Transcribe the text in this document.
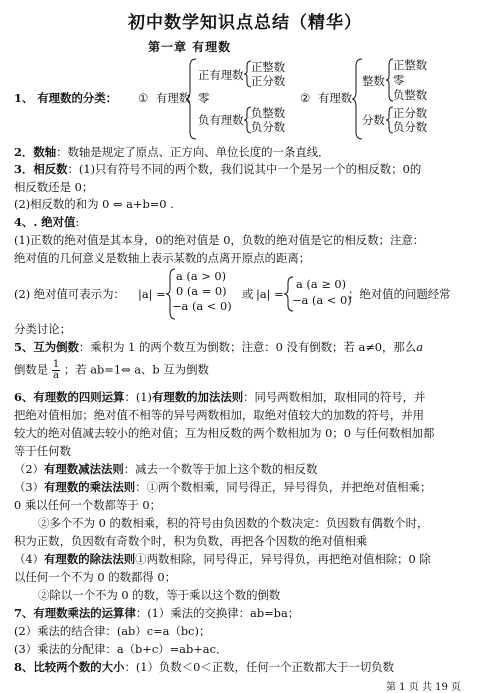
初中数学知识点总结（精华）
第一章 有理数
1、 有理数的分类： ① 有理数
正有理数
正整数
正分数
零
负有理数 负整数
负分数
② 有理数
整数
正整数
零
负整数
分数 正分数
负分数
2．数轴：数轴是规定了原点、正方向、单位长度的一条直线．
3．相反数：(1)只有符号不同的两个数，我们说其中一个是另一个的相反数；0的
相反数还是 0；
(2)相反数的和为 0 ⇔ a+b=0 .
4、. 绝对值:
(1)正数的绝对值是其本身，0的绝对值是 0，负数的绝对值是它的相反数；注意：
绝对值的几何意义是数轴上表示某数的点离开原点的距离；
(2) 绝对值可表示为： |a| =
a (a > 0)
0 (a = 0)
−a (a < 0)
或 |a| =
a (a ≥ 0)
−a (a < 0)
；绝对值的问题经常
分类讨论；
5、互为倒数：乘积为 1 的两个数互为倒数；注意：0 没有倒数；若 a≠0，那么a
倒数是 $\frac{1}{a}$ ；若 ab=1⇔ a、b 互为倒数
6、有理数的四则运算：(1)有理数的加法法则：同号两数相加，取相同的符号，并
把绝对值相加；绝对值不相等的异号两数相加，取绝对值较大的加数的符号，并用
较大的绝对值减去较小的绝对值；互为相反数的两个数相加为 0；0 与任何数相加都
等于任何数
（2）有理数减法法则：减去一个数等于加上这个数的相反数
（3）有理数的乘法法则：①两个数相乘，同号得正，异号得负，并把绝对值相乘；
0 乘以任何一个数都等于 0；
②多个不为 0 的数相乘，积的符号由负因数的个数决定：负因数有偶数个时，
积为正数，负因数有奇数个时，积为负数，再把各个因数的绝对值相乘
（4）有理数的除法法则①两数相除，同号得正，异号得负，再把绝对值相除；0 除
以任何一个不为 0 的数都得 0；
②除以一个不为 0 的数，等于乘以这个数的倒数
7、有理数乘法的运算律：(1）乘法的交换律：ab=ba；
(2）乘法的结合律：(ab）c=a（bc)；
(3）乘法的分配律：a（b+c）=ab+ac．
8、比较两个数的大小：(1）负数＜0＜正数，任何一个正数都大于一切负数
第 1 页 共 19 页
